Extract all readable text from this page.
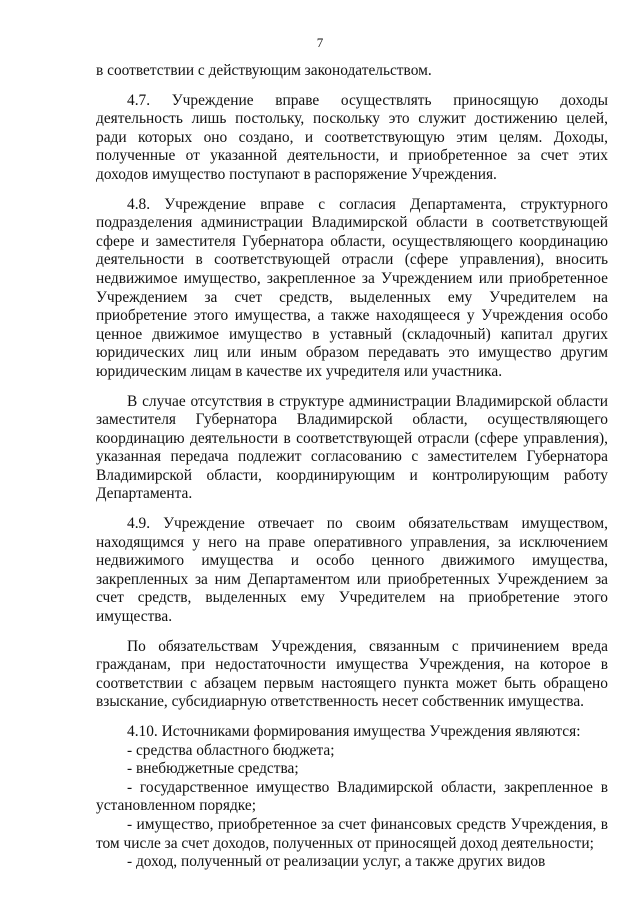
7

в соответствии с действующим законодательством.

4.7. Учреждение вправе осуществлять приносящую доходы деятельность лишь постольку, поскольку это служит достижению целей, ради которых оно создано, и соответствующую этим целям. Доходы, полученные от указанной деятельности, и приобретенное за счет этих доходов имущество поступают в распоряжение Учреждения.

4.8. Учреждение вправе с согласия Департамента, структурного подразделения администрации Владимирской области в соответствующей сфере и заместителя Губернатора области, осуществляющего координацию деятельности в соответствующей отрасли (сфере управления), вносить недвижимое имущество, закрепленное за Учреждением или приобретенное Учреждением за счет средств, выделенных ему Учредителем на приобретение этого имущества, а также находящееся у Учреждения особо ценное движимое имущество в уставный (складочный) капитал других юридических лиц или иным образом передавать это имущество другим юридическим лицам в качестве их учредителя или участника.

В случае отсутствия в структуре администрации Владимирской области заместителя Губернатора Владимирской области, осуществляющего координацию деятельности в соответствующей отрасли (сфере управления), указанная передача подлежит согласованию с заместителем Губернатора Владимирской области, координирующим и контролирующим работу Департамента.

4.9. Учреждение отвечает по своим обязательствам имуществом, находящимся у него на праве оперативного управления, за исключением недвижимого имущества и особо ценного движимого имущества, закрепленных за ним Департаментом или приобретенных Учреждением за счет средств, выделенных ему Учредителем на приобретение этого имущества.

По обязательствам Учреждения, связанным с причинением вреда гражданам, при недостаточности имущества Учреждения, на которое в соответствии с абзацем первым настоящего пункта может быть обращено взыскание, субсидиарную ответственность несет собственник имущества.

4.10. Источниками формирования имущества Учреждения являются:

- средства областного бюджета;

- внебюджетные средства;

- государственное имущество Владимирской области, закрепленное в установленном порядке;

- имущество, приобретенное за счет финансовых средств Учреждения, в том числе за счет доходов, полученных от приносящей доход деятельности;

- доход, полученный от реализации услуг, а также других видов
